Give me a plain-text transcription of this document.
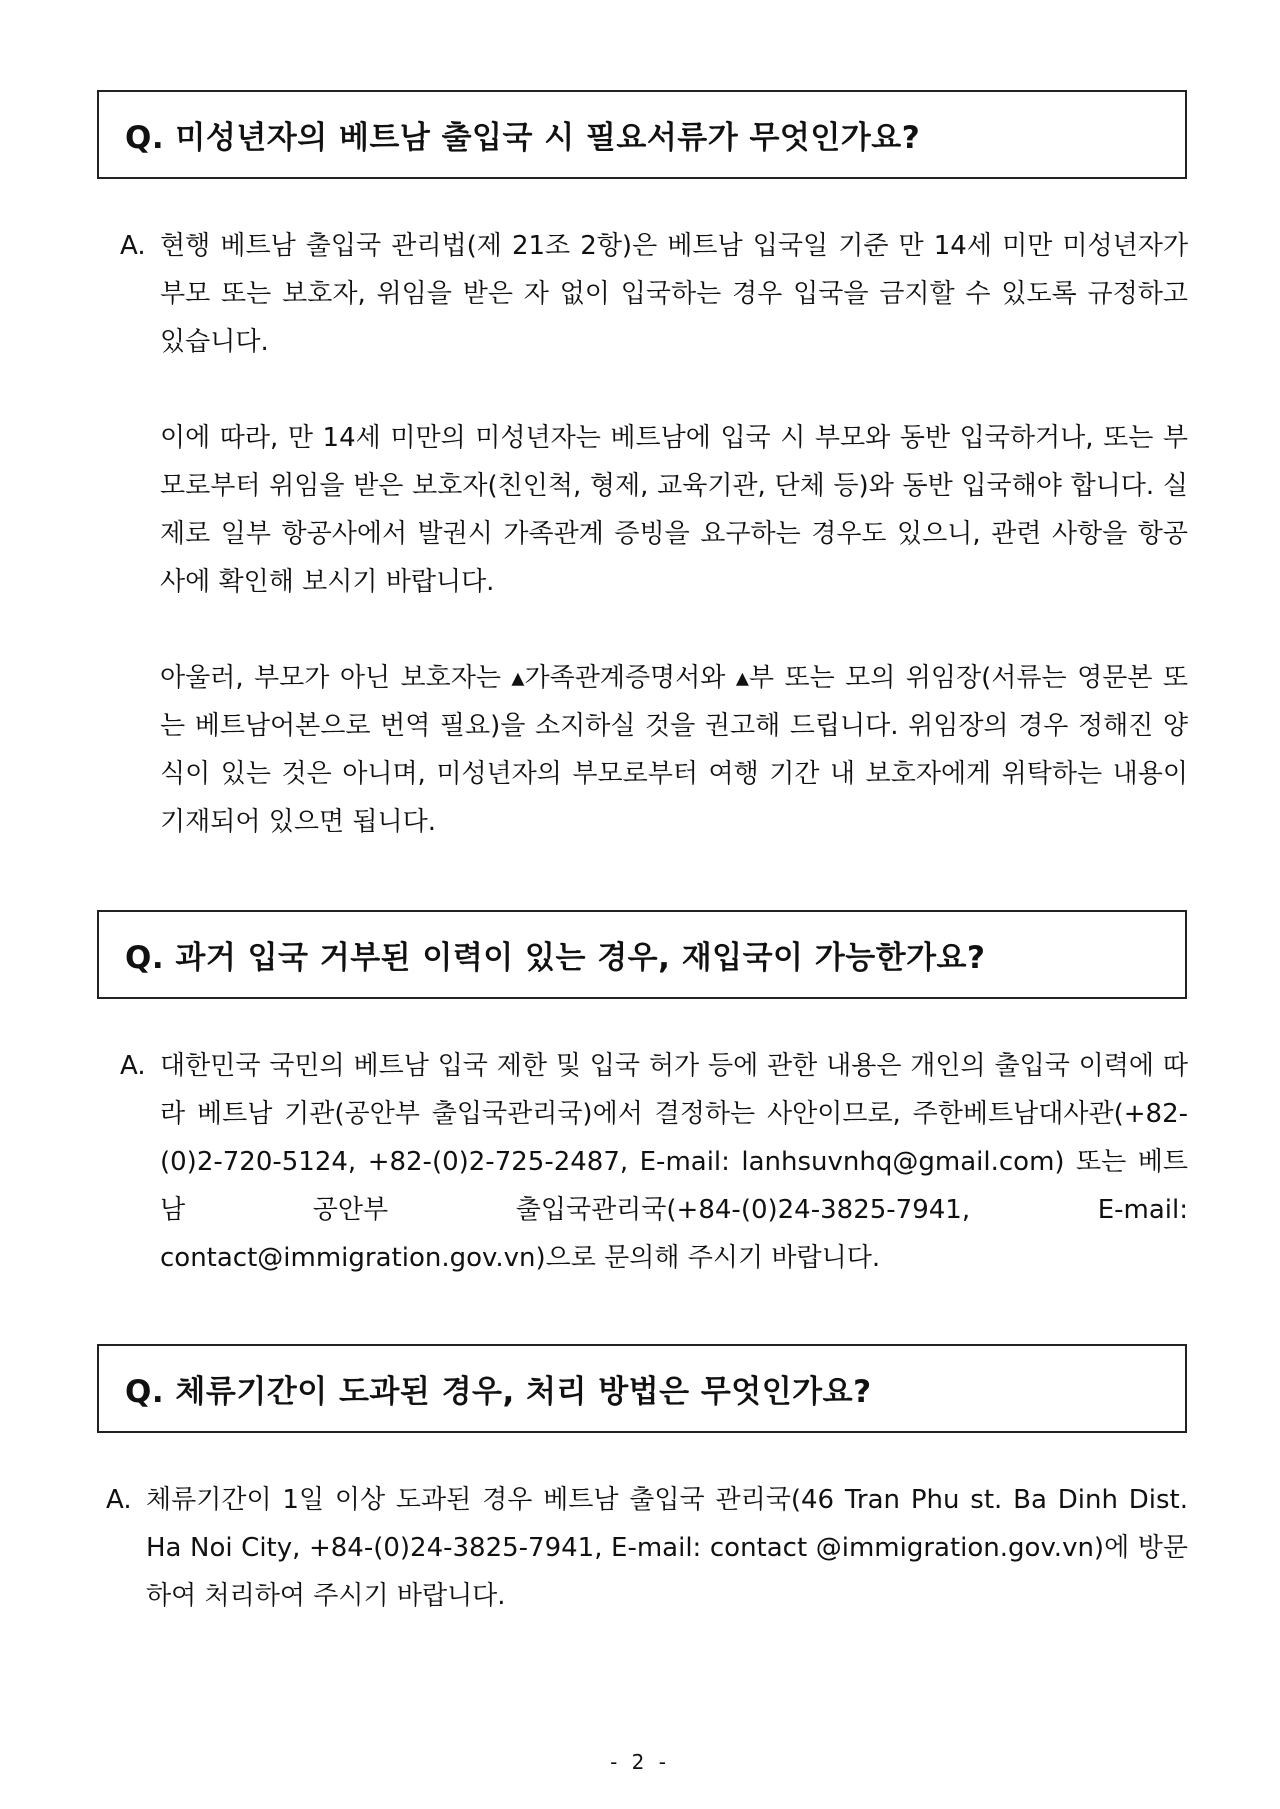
Q. 미성년자의 베트남 출입국 시 필요서류가 무엇인가요?
A. 현행 베트남 출입국 관리법(제 21조 2항)은 베트남 입국일 기준 만 14세 미만 미성년자가 부모 또는 보호자, 위임을 받은 자 없이 입국하는 경우 입국을 금지할 수 있도록 규정하고 있습니다.

이에 따라, 만 14세 미만의 미성년자는 베트남에 입국 시 부모와 동반 입국하거나, 또는 부모로부터 위임을 받은 보호자(친인척, 형제, 교육기관, 단체 등)와 동반 입국해야 합니다. 실제로 일부 항공사에서 발권시 가족관계 증빙을 요구하는 경우도 있으니, 관련 사항을 항공사에 확인해 보시기 바랍니다.

아울러, 부모가 아닌 보호자는 ▴가족관계증명서와 ▴부 또는 모의 위임장(서류는 영문본 또는 베트남어본으로 번역 필요)을 소지하실 것을 권고해 드립니다. 위임장의 경우 정해진 양식이 있는 것은 아니며, 미성년자의 부모로부터 여행 기간 내 보호자에게 위탁하는 내용이 기재되어 있으면 됩니다.

Q. 과거 입국 거부된 이력이 있는 경우, 재입국이 가능한가요?
A. 대한민국 국민의 베트남 입국 제한 및 입국 허가 등에 관한 내용은 개인의 출입국 이력에 따라 베트남 기관(공안부 출입국관리국)에서 결정하는 사안이므로, 주한베트남대사관(+82-(0)2-720-5124, +82-(0)2-725-2487, E-mail: lanhsuvnhq@gmail.com) 또는 베트남 공안부 출입국관리국(+84-(0)24-3825-7941, E-mail: contact@immigration.gov.vn)으로 문의해 주시기 바랍니다.

Q. 체류기간이 도과된 경우, 처리 방법은 무엇인가요?
A. 체류기간이 1일 이상 도과된 경우 베트남 출입국 관리국(46 Tran Phu st. Ba Dinh Dist. Ha Noi City, +84-(0)24-3825-7941, E-mail: contact @immigration.gov.vn)에 방문하여 처리하여 주시기 바랍니다.

- 2 -
